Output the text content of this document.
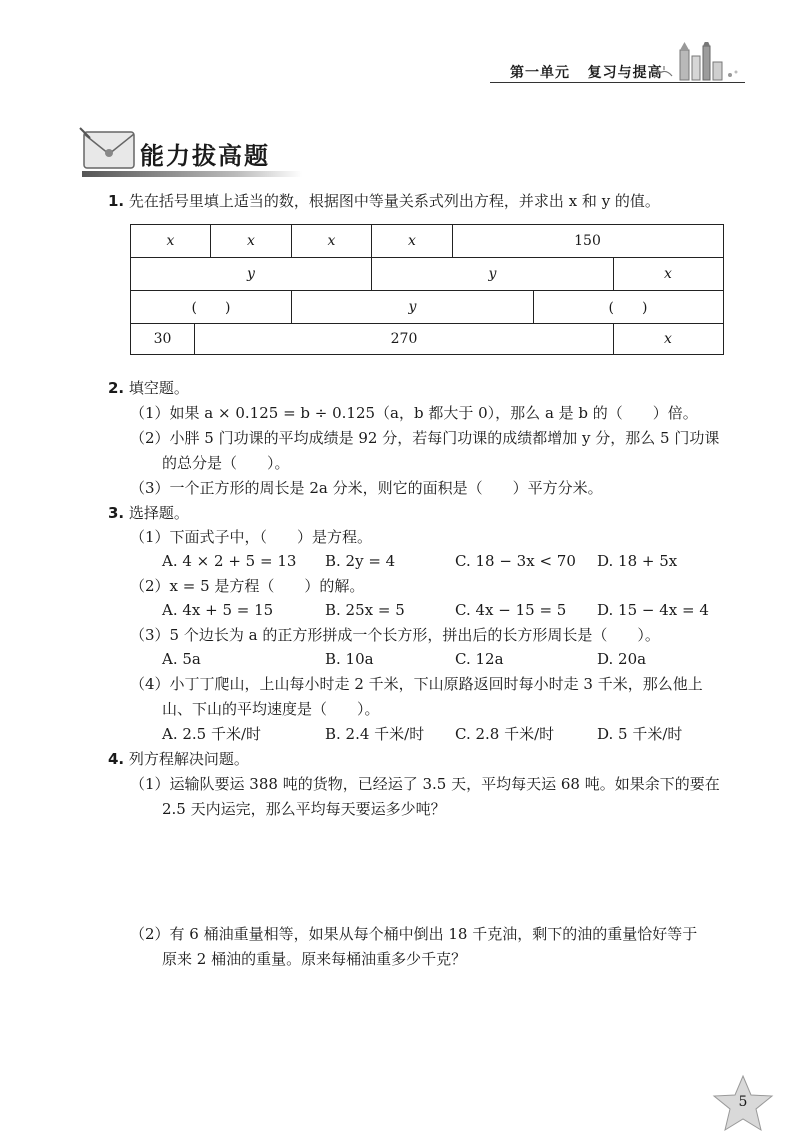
第一单元 复习与提高
能力拔高题
1. 先在括号里填上适当的数，根据图中等量关系式列出方程，并求出 x 和 y 的值。
x	x	x	x	150
y	y	x
(　　)	y	(　　)
30	270	x
2. 填空题。
（1）如果 a × 0.125 = b ÷ 0.125（a，b 都大于 0），那么 a 是 b 的（　　）倍。
（2）小胖 5 门功课的平均成绩是 92 分，若每门功课的成绩都增加 y 分，那么 5 门功课
的总分是（　　）。
（3）一个正方形的周长是 2a 分米，则它的面积是（　　）平方分米。
3. 选择题。
（1）下面式子中，（　　）是方程。
A. 4 × 2 + 5 = 13 B. 2y = 4	C. 18 − 3x < 70 D. 18 + 5x
（2）x = 5 是方程（　　）的解。
A. 4x + 5 = 15	B. 25x = 5	C. 4x − 15 = 5 D. 15 − 4x = 4
（3）5 个边长为 a 的正方形拼成一个长方形，拼出后的长方形周长是（　　）。
A. 5a	B. 10a	C. 12a	D. 20a
（4）小丁丁爬山，上山每小时走 2 千米，下山原路返回时每小时走 3 千米，那么他上
山、下山的平均速度是（　　）。
A. 2.5 千米/时	B. 2.4 千米/时 C. 2.8 千米/时	D. 5 千米/时
4. 列方程解决问题。
（1）运输队要运 388 吨的货物，已经运了 3.5 天，平均每天运 68 吨。如果余下的要在
2.5 天内运完，那么平均每天要运多少吨？
（2）有 6 桶油重量相等，如果从每个桶中倒出 18 千克油，剩下的油的重量恰好等于
原来 2 桶油的重量。原来每桶油重多少千克？
5
